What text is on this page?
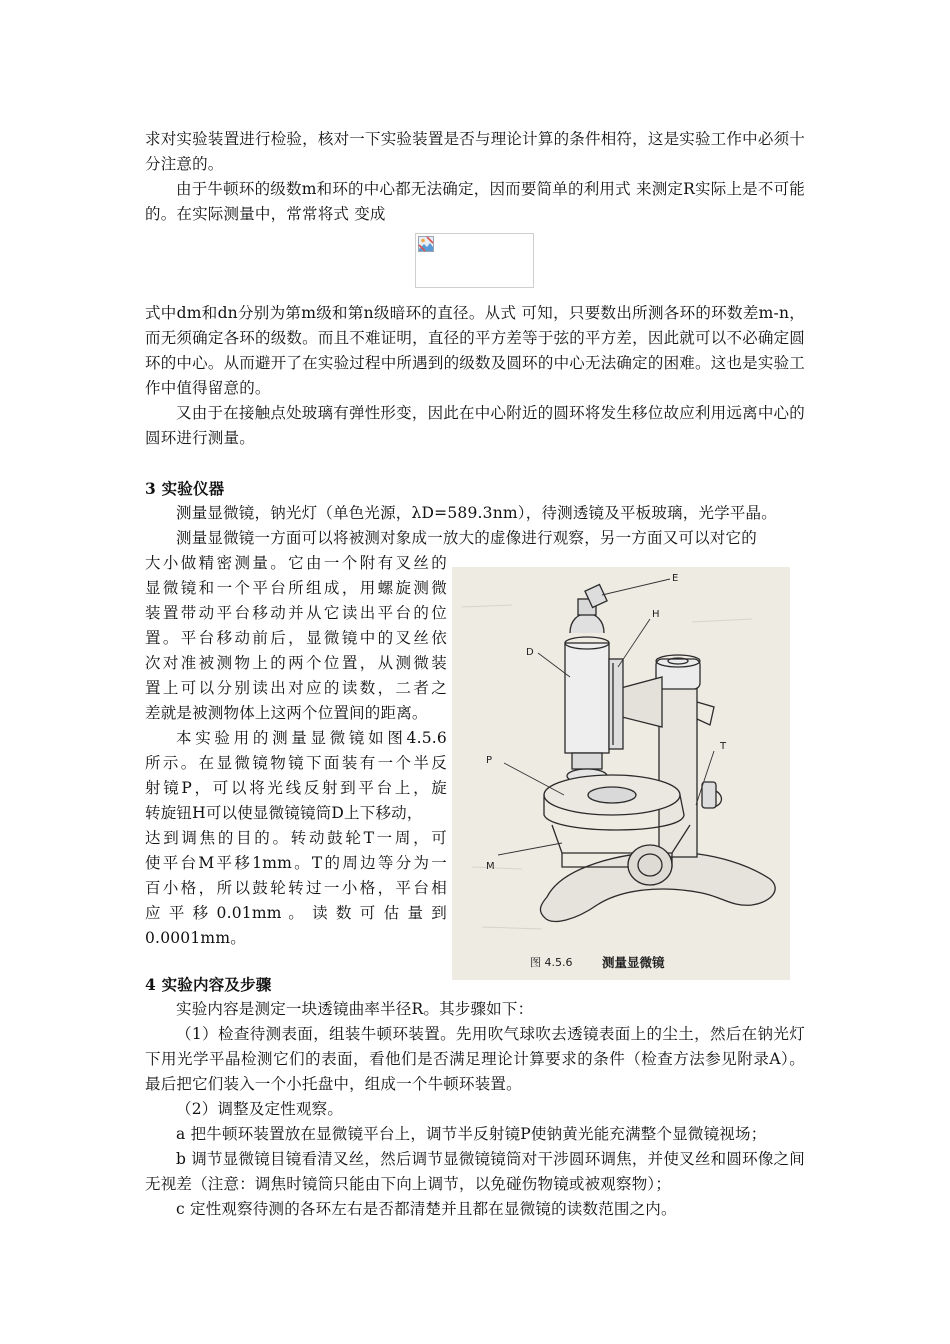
求对实验装置进行检验，核对一下实验装置是否与理论计算的条件相符，这是实验工作中必须十分注意的。

由于牛顿环的级数m和环的中心都无法确定，因而要简单的利用式 来测定R实际上是不可能的。在实际测量中，常常将式 变成

式中dm和dn分别为第m级和第n级暗环的直径。从式 可知，只要数出所测各环的环数差m-n，而无须确定各环的级数。而且不难证明，直径的平方差等于弦的平方差，因此就可以不必确定圆环的中心。从而避开了在实验过程中所遇到的级数及圆环的中心无法确定的困难。这也是实验工作中值得留意的。

又由于在接触点处玻璃有弹性形变，因此在中心附近的圆环将发生移位故应利用远离中心的圆环进行测量。

3 实验仪器

测量显微镜，钠光灯（单色光源，λD=589.3nm），待测透镜及平板玻璃，光学平晶。

测量显微镜一方面可以将被测对象成一放大的虚像进行观察，另一方面又可以对它的

大小做精密测量。它由一个附有叉丝的
显微镜和一个平台所组成，用螺旋测微
装置带动平台移动并从它读出平台的位
置。平台移动前后，显微镜中的叉丝依
次对准被测物上的两个位置，从测微装
置上可以分别读出对应的读数，二者之
差就是被测物体上这两个位置间的距离。
本实验用的测量显微镜如图4.5.6
所示。在显微镜物镜下面装有一个半反
射镜P，可以将光线反射到平台上，旋
转旋钮H可以使显微镜镜筒D上下移动，
达到调焦的目的。转动鼓轮T一周，可
使平台M平移1mm。T的周边等分为一
百小格，所以鼓轮转过一小格，平台相
应 平 移 0.01mm 。 读 数 可 估 量 到
0.0001mm。
E
H
D
T
P
M
图 4.5.6 测量显微镜

4 实验内容及步骤

实验内容是测定一块透镜曲率半径R。其步骤如下：

（1）检查待测表面，组装牛顿环装置。先用吹气球吹去透镜表面上的尘土，然后在钠光灯下用光学平晶检测它们的表面，看他们是否满足理论计算要求的条件（检查方法参见附录A）。最后把它们装入一个小托盘中，组成一个牛顿环装置。

（2）调整及定性观察。

a 把牛顿环装置放在显微镜平台上，调节半反射镜P使钠黄光能充满整个显微镜视场；

b 调节显微镜目镜看清叉丝，然后调节显微镜镜筒对干涉圆环调焦，并使叉丝和圆环像之间无视差（注意：调焦时镜筒只能由下向上调节，以免碰伤物镜或被观察物）；

c 定性观察待测的各环左右是否都清楚并且都在显微镜的读数范围之内。
